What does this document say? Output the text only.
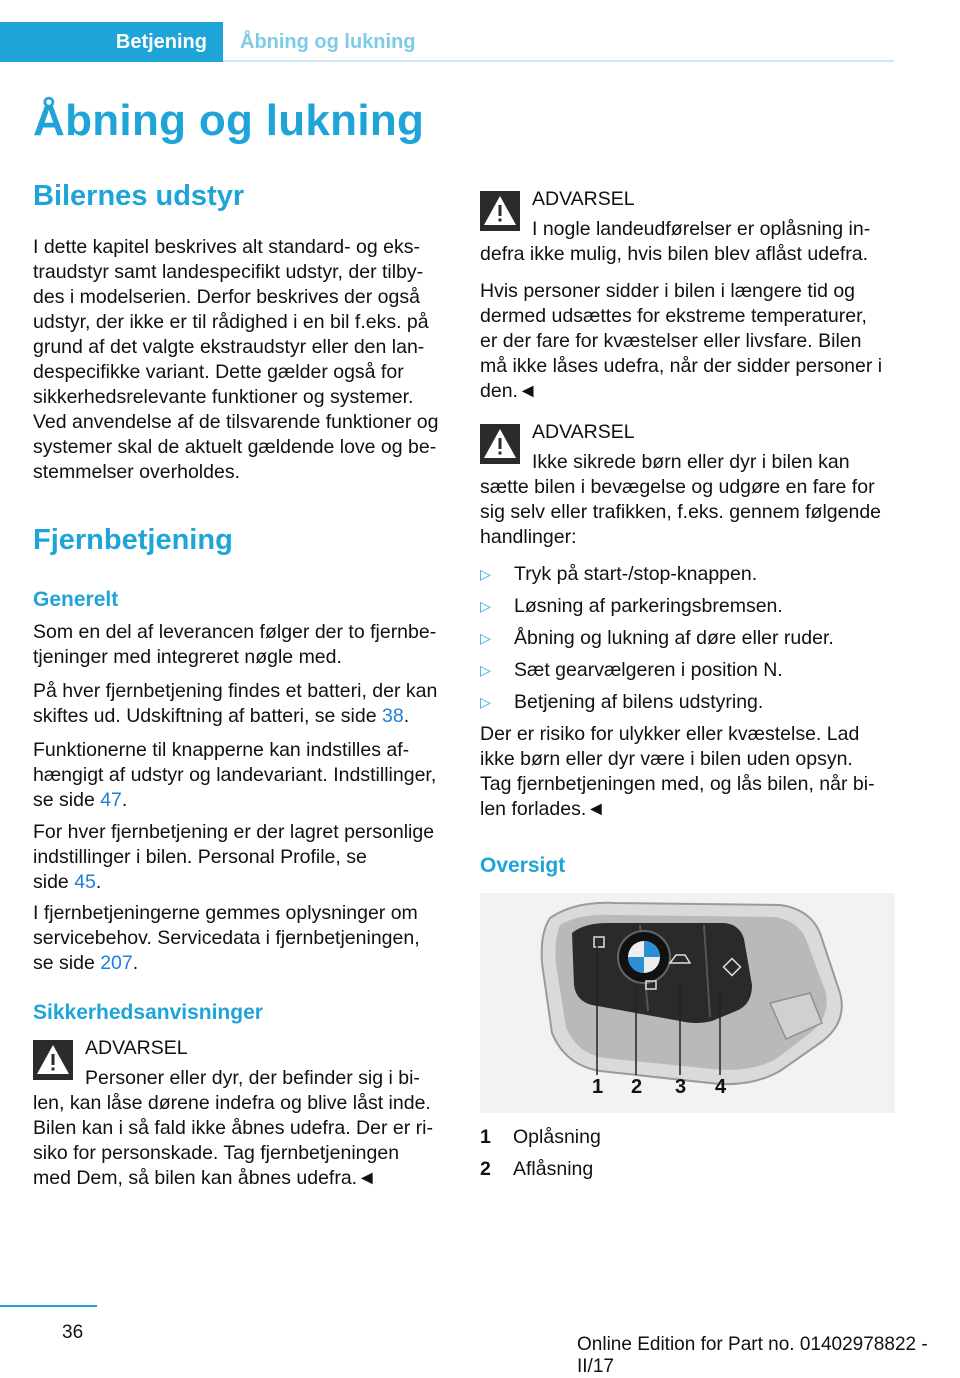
Betjening	Åbning og lukning
Åbning og lukning
Bilernes udstyr
I dette kapitel beskrives alt standard- og eks-
traudstyr samt landespecifikt udstyr, der tilby-
des i modelserien. Derfor beskrives der også
udstyr, der ikke er til rådighed i en bil f.eks. på
grund af det valgte ekstraudstyr eller den lan-
despecifikke variant. Dette gælder også for
sikkerhedsrelevante funktioner og systemer.
Ved anvendelse af de tilsvarende funktioner og
systemer skal de aktuelt gældende love og be-
stemmelser overholdes.
Fjernbetjening
Generelt
Som en del af leverancen følger der to fjernbe-
tjeninger med integreret nøgle med.
På hver fjernbetjening findes et batteri, der kan
skiftes ud. Udskiftning af batteri, se side 38.
Funktionerne til knapperne kan indstilles af-
hængigt af udstyr og landevariant. Indstillinger,
se side 47.
For hver fjernbetjening er der lagret personlige
indstillinger i bilen. Personal Profile, se
side 45.
I fjernbetjeningerne gemmes oplysninger om
servicebehov. Servicedata i fjernbetjeningen,
se side 207.
Sikkerhedsanvisninger
ADVARSEL
Personer eller dyr, der befinder sig i bi-
len, kan låse dørene indefra og blive låst inde.
Bilen kan i så fald ikke åbnes udefra. Der er ri-
siko for personskade. Tag fjernbetjeningen
med Dem, så bilen kan åbnes udefra.◄
ADVARSEL
I nogle landeudførelser er oplåsning in-
defra ikke mulig, hvis bilen blev aflåst udefra.
Hvis personer sidder i bilen i længere tid og
dermed udsættes for ekstreme temperaturer,
er der fare for kvæstelser eller livsfare. Bilen
må ikke låses udefra, når der sidder personer i
den.◄
ADVARSEL
Ikke sikrede børn eller dyr i bilen kan
sætte bilen i bevægelse og udgøre en fare for
sig selv eller trafikken, f.eks. gennem følgende
handlinger:
▷ Tryk på start-/stop-knappen.
▷ Løsning af parkeringsbremsen.
▷ Åbning og lukning af døre eller ruder.
▷ Sæt gearvælgeren i position N.
▷ Betjening af bilens udstyring.
Der er risiko for ulykker eller kvæstelse. Lad
ikke børn eller dyr være i bilen uden opsyn.
Tag fjernbetjeningen med, og lås bilen, når bi-
len forlades.◄
Oversigt
1 2 3 4
1 Oplåsning
2 Aflåsning
36
Online Edition for Part no. 01402978822 - II/17
